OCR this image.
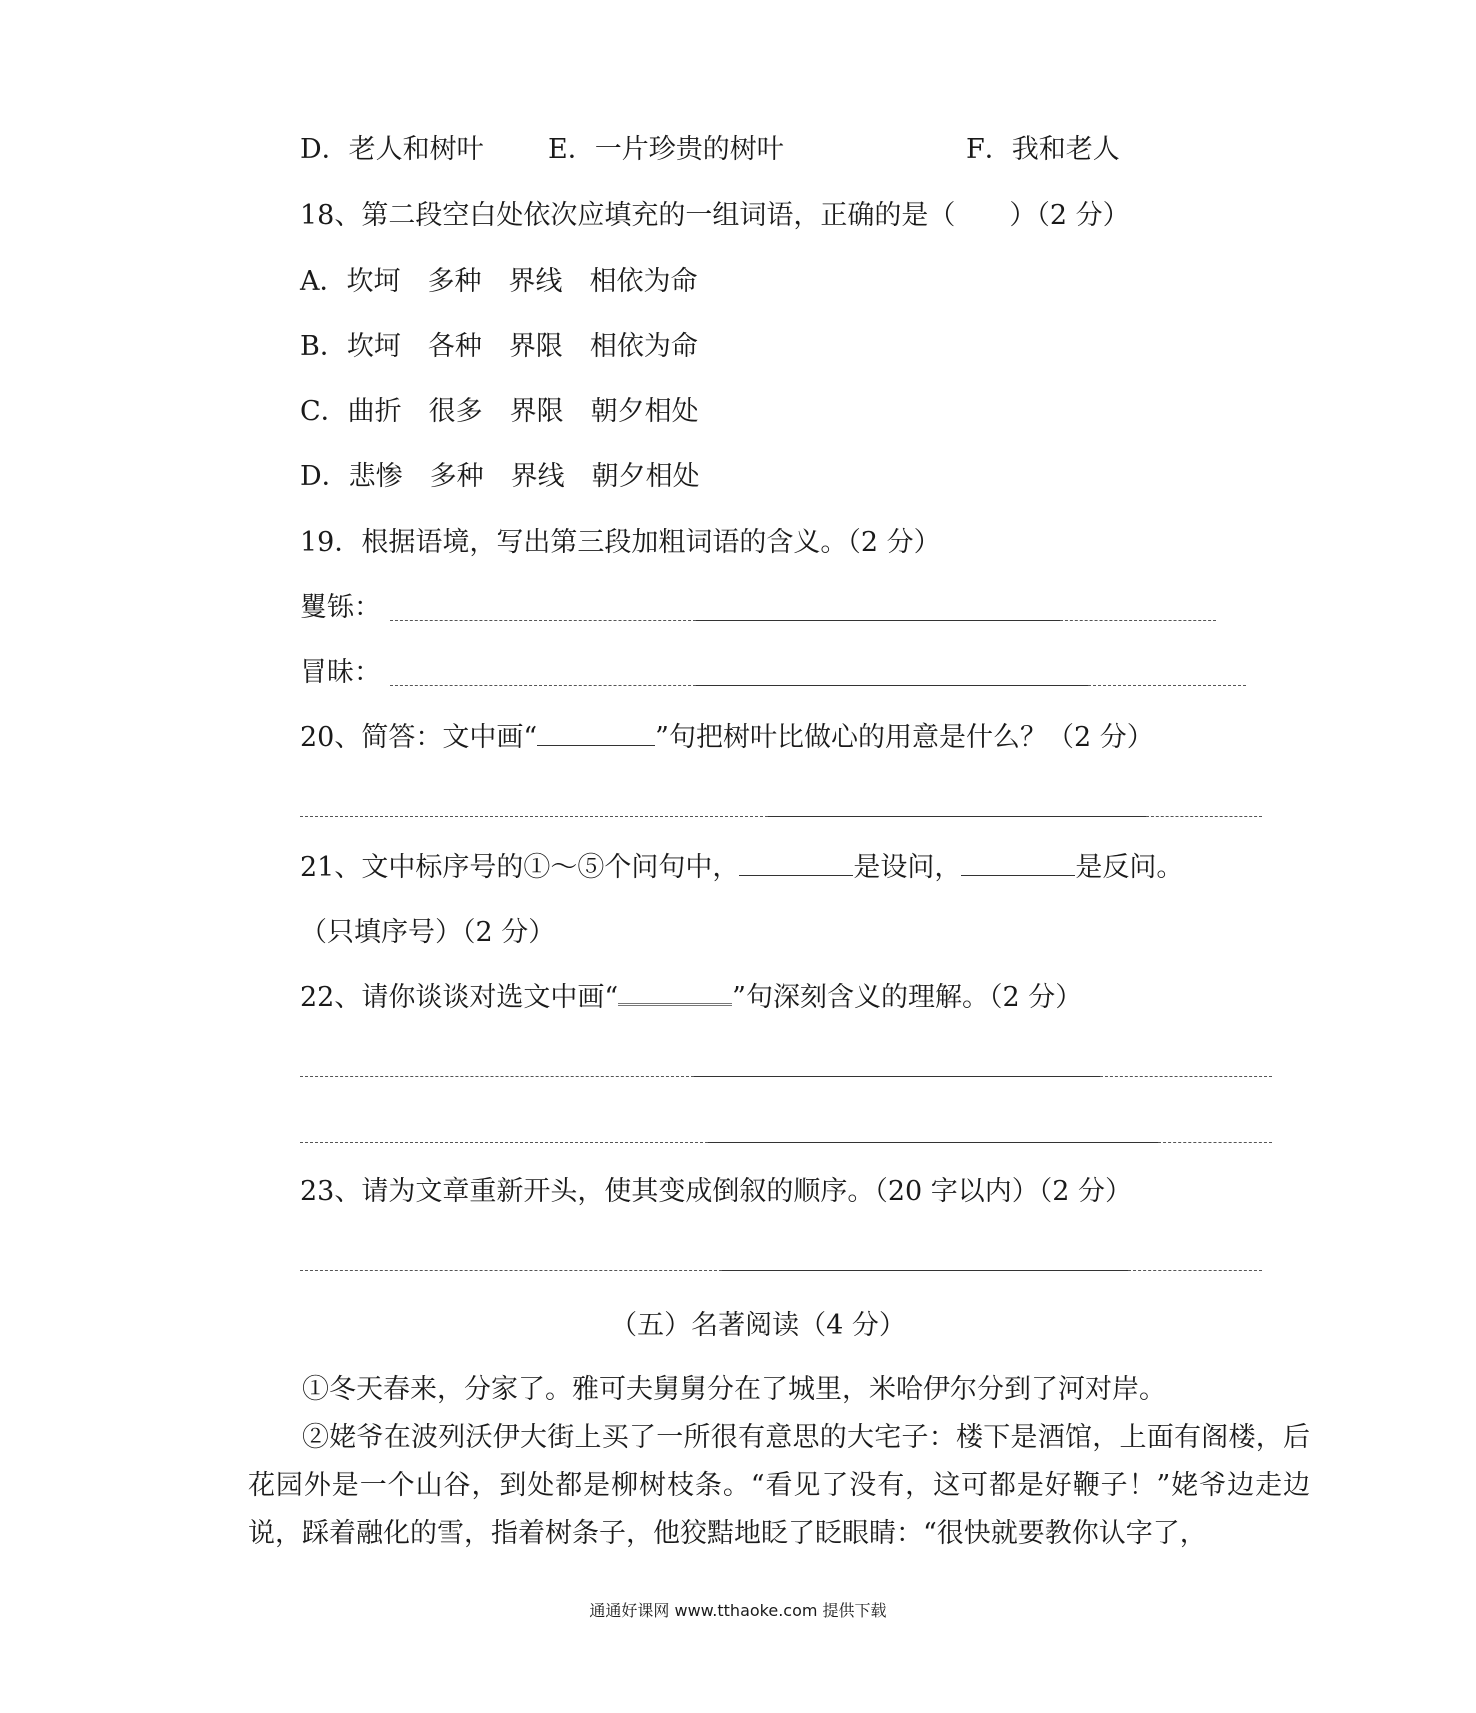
D．老人和树叶 E．一片珍贵的树叶	F．我和老人
18、第二段空白处依次应填充的一组词语，正确的是（　　）（2 分）
A．坎坷　多种　界线　相依为命
B．坎坷　各种　界限　相依为命
C．曲折　很多　界限　朝夕相处
D．悲惨　多种　界线　朝夕相处
19．根据语境，写出第三段加粗词语的含义。（2 分）
矍铄：
冒昧：
20、简答：文中画“	”句把树叶比做心的用意是什么？（2 分）
21、文中标序号的①～⑤个问句中，	是设问，	是反问。
（只填序号）（2 分）
22、请你谈谈对选文中画“	”句深刻含义的理解。（2 分）
23、请为文章重新开头，使其变成倒叙的顺序。（20 字以内）（2 分）
（五）名著阅读（4 分）
①冬天春来，分家了。雅可夫舅舅分在了城里，米哈伊尔分到了河对岸。
②姥爷在波列沃伊大街上买了一所很有意思的大宅子：楼下是酒馆，上面有阁楼，后花园外是一个山谷，到处都是柳树枝条。“看见了没有，这可都是好鞭子！”姥爷边走边说，踩着融化的雪，指着树条子，他狡黠地眨了眨眼睛：“很快就要教你认字了，
通通好课网 www.tthaoke.com 提供下载
